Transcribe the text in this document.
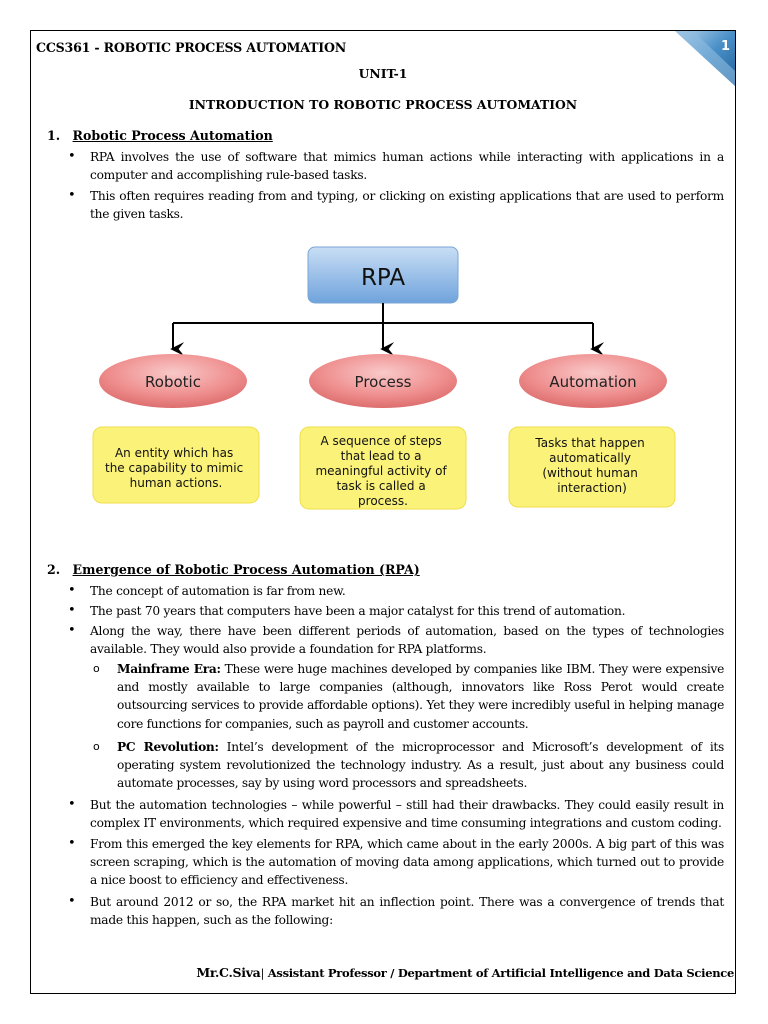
1
CCS361 - ROBOTIC PROCESS AUTOMATION
UNIT-1
INTRODUCTION TO ROBOTIC PROCESS AUTOMATION
1. Robotic Process Automation
• RPA involves the use of software that mimics human actions while interacting with applications in a computer and accomplishing rule-based tasks.
• This often requires reading from and typing, or clicking on existing applications that are used to perform the given tasks.
RPA
Robotic	Process	Automation
An entity which has the capability to mimic human actions.
A sequence of steps that lead to a meaningful activity of task is called a process.
Tasks that happen automatically (without human interaction)
2. Emergence of Robotic Process Automation (RPA)
• The concept of automation is far from new.
• The past 70 years that computers have been a major catalyst for this trend of automation.
• Along the way, there have been different periods of automation, based on the types of technologies available. They would also provide a foundation for RPA platforms.
o Mainframe Era: These were huge machines developed by companies like IBM. They were expensive and mostly available to large companies (although, innovators like Ross Perot would create outsourcing services to provide affordable options). Yet they were incredibly useful in helping manage core functions for companies, such as payroll and customer accounts.
o PC Revolution: Intel’s development of the microprocessor and Microsoft’s development of its operating system revolutionized the technology industry. As a result, just about any business could automate processes, say by using word processors and spreadsheets.
• But the automation technologies – while powerful – still had their drawbacks. They could easily result in complex IT environments, which required expensive and time consuming integrations and custom coding.
• From this emerged the key elements for RPA, which came about in the early 2000s. A big part of this was screen scraping, which is the automation of moving data among applications, which turned out to provide a nice boost to efficiency and effectiveness.
• But around 2012 or so, the RPA market hit an inflection point. There was a convergence of trends that made this happen, such as the following:
Mr.C.Siva| Assistant Professor / Department of Artificial Intelligence and Data Science
